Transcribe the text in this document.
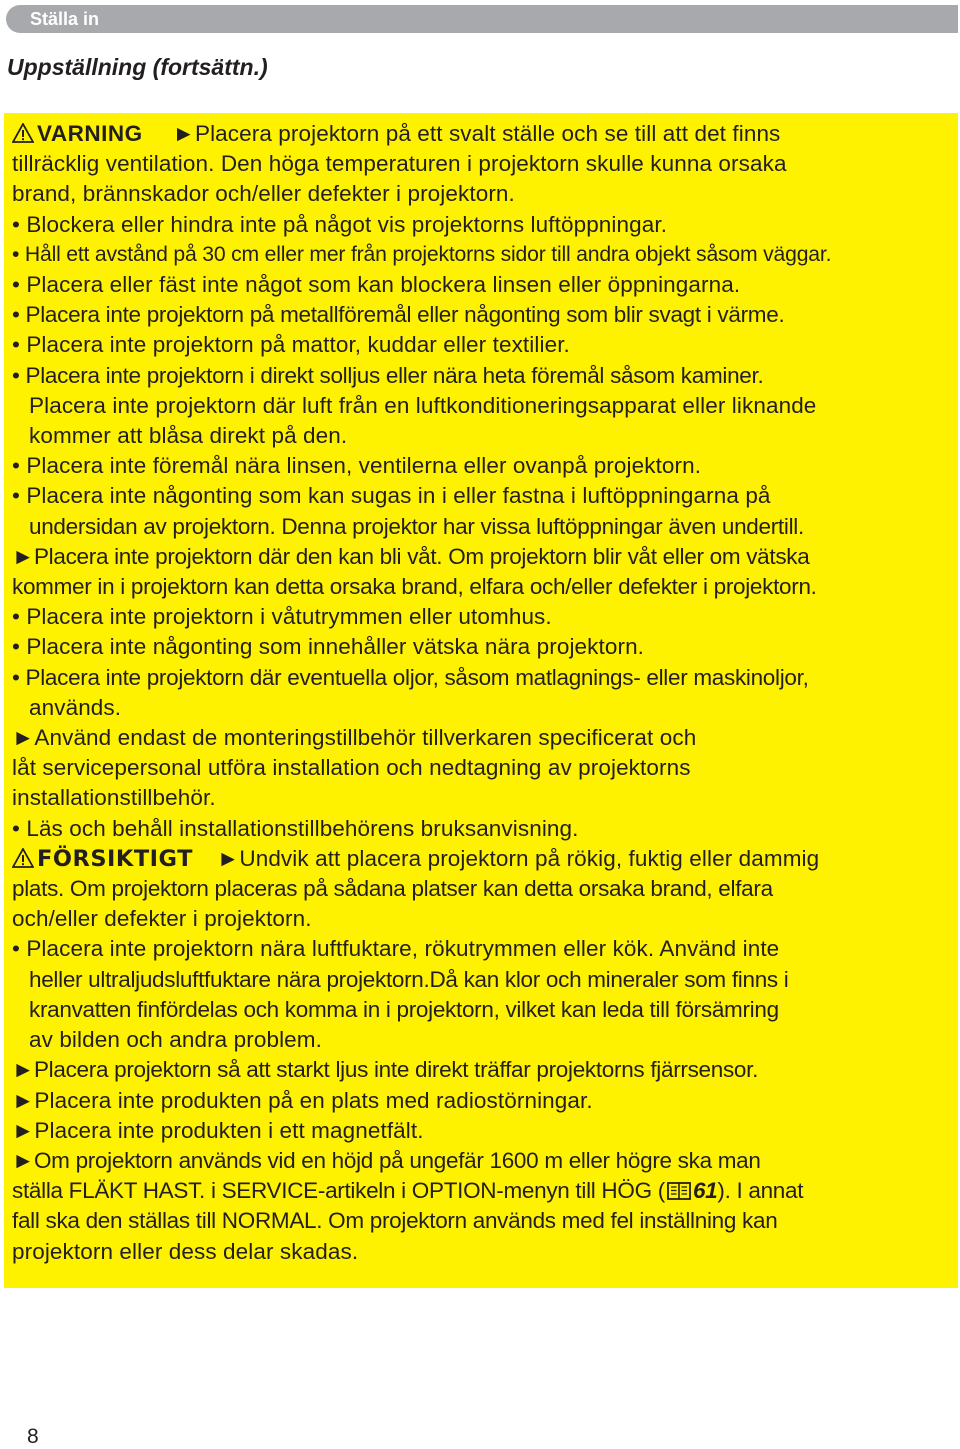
Ställa in
Uppställning (fortsättn.)
VARNING ►Placera projektorn på ett svalt ställe och se till att det finns
tillräcklig ventilation. Den höga temperaturen i projektorn skulle kunna orsaka
brand, brännskador och/eller defekter i projektorn.
• Blockera eller hindra inte på något vis projektorns luftöppningar.
• Håll ett avstånd på 30 cm eller mer från projektorns sidor till andra objekt såsom väggar.
• Placera eller fäst inte något som kan blockera linsen eller öppningarna.
• Placera inte projektorn på metallföremål eller någonting som blir svagt i värme.
• Placera inte projektorn på mattor, kuddar eller textilier.
• Placera inte projektorn i direkt solljus eller nära heta föremål såsom kaminer.
Placera inte projektorn där luft från en luftkonditioneringsapparat eller liknande
kommer att blåsa direkt på den.
• Placera inte föremål nära linsen, ventilerna eller ovanpå projektorn.
• Placera inte någonting som kan sugas in i eller fastna i luftöppningarna på
undersidan av projektorn. Denna projektor har vissa luftöppningar även undertill.
►Placera inte projektorn där den kan bli våt. Om projektorn blir våt eller om vätska
kommer in i projektorn kan detta orsaka brand, elfara och/eller defekter i projektorn.
• Placera inte projektorn i våtutrymmen eller utomhus.
• Placera inte någonting som innehåller vätska nära projektorn.
• Placera inte projektorn där eventuella oljor, såsom matlagnings- eller maskinoljor,
används.
►Använd endast de monteringstillbehör tillverkaren specificerat och
låt servicepersonal utföra installation och nedtagning av projektorns
installationstillbehör.
• Läs och behåll installationstillbehörens bruksanvisning.
FÖRSIKTIGT ►Undvik att placera projektorn på rökig, fuktig eller dammig
plats. Om projektorn placeras på sådana platser kan detta orsaka brand, elfara
och/eller defekter i projektorn.
• Placera inte projektorn nära luftfuktare, rökutrymmen eller kök. Använd inte
heller ultraljudsluftfuktare nära projektorn.Då kan klor och mineraler som finns i
kranvatten finfördelas och komma in i projektorn, vilket kan leda till försämring
av bilden och andra problem.
►Placera projektorn så att starkt ljus inte direkt träffar projektorns fjärrsensor.
►Placera inte produkten på en plats med radiostörningar.
►Placera inte produkten i ett magnetfält.
►Om projektorn används vid en höjd på ungefär 1600 m eller högre ska man
ställa FLÄKT HAST. i SERVICE-artikeln i OPTION-menyn till HÖG ( 61). I annat
fall ska den ställas till NORMAL. Om projektorn används med fel inställning kan
projektorn eller dess delar skadas.
8
